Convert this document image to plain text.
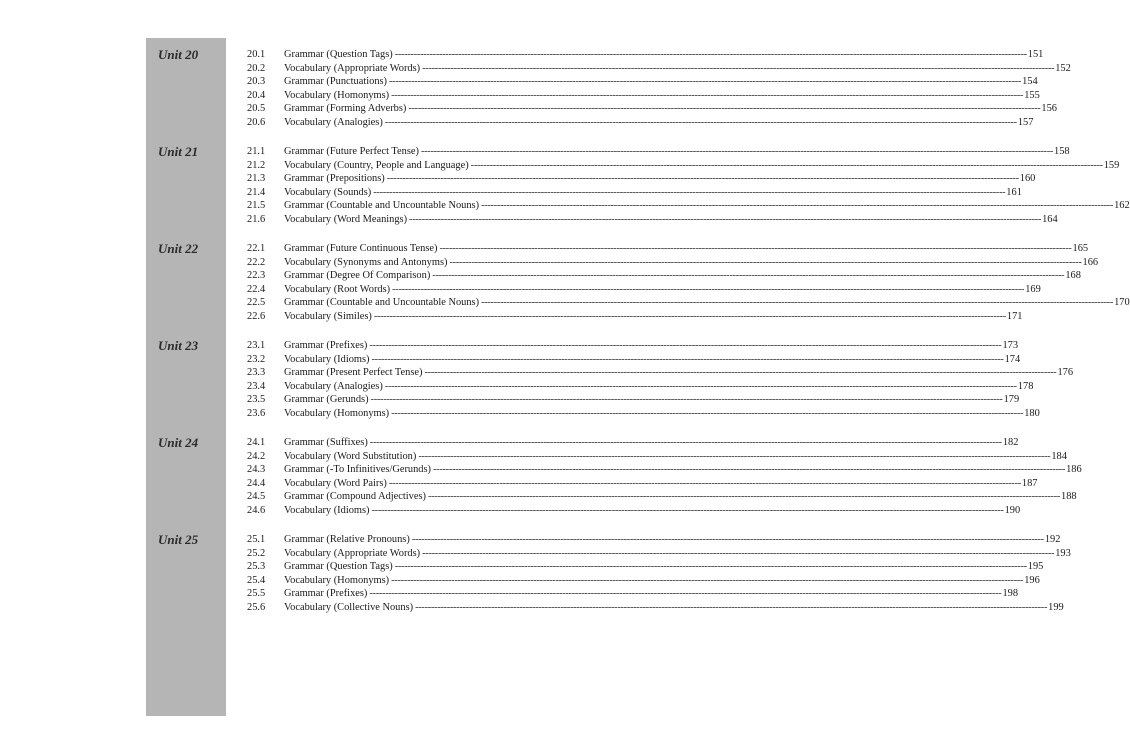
Unit 20	20.1	Grammar (Question Tags) -------------------------------------------------------------------------------------------------------------------------------------------------------------------------------------------------------- 151
20.2	Vocabulary (Appropriate Words) -------------------------------------------------------------------------------------------------------------------------------------------------------------------------------------------------------- 152
20.3	Grammar (Punctuations) -------------------------------------------------------------------------------------------------------------------------------------------------------------------------------------------------------- 154
20.4	Vocabulary (Homonyms) -------------------------------------------------------------------------------------------------------------------------------------------------------------------------------------------------------- 155
20.5	Grammar (Forming Adverbs) -------------------------------------------------------------------------------------------------------------------------------------------------------------------------------------------------------- 156
20.6	Vocabulary (Analogies) -------------------------------------------------------------------------------------------------------------------------------------------------------------------------------------------------------- 157
Unit 21	21.1	Grammar (Future Perfect Tense) -------------------------------------------------------------------------------------------------------------------------------------------------------------------------------------------------------- 158
21.2	Vocabulary (Country, People and Language) -------------------------------------------------------------------------------------------------------------------------------------------------------------------------------------------------------- 159
21.3	Grammar (Prepositions) -------------------------------------------------------------------------------------------------------------------------------------------------------------------------------------------------------- 160
21.4	Vocabulary (Sounds) -------------------------------------------------------------------------------------------------------------------------------------------------------------------------------------------------------- 161
21.5	Grammar (Countable and Uncountable Nouns) -------------------------------------------------------------------------------------------------------------------------------------------------------------------------------------------------------- 162
21.6	Vocabulary (Word Meanings) -------------------------------------------------------------------------------------------------------------------------------------------------------------------------------------------------------- 164
Unit 22	22.1	Grammar (Future Continuous Tense) -------------------------------------------------------------------------------------------------------------------------------------------------------------------------------------------------------- 165
22.2	Vocabulary (Synonyms and Antonyms) -------------------------------------------------------------------------------------------------------------------------------------------------------------------------------------------------------- 166
22.3	Grammar (Degree Of Comparison) -------------------------------------------------------------------------------------------------------------------------------------------------------------------------------------------------------- 168
22.4	Vocabulary (Root Words) -------------------------------------------------------------------------------------------------------------------------------------------------------------------------------------------------------- 169
22.5	Grammar (Countable and Uncountable Nouns) -------------------------------------------------------------------------------------------------------------------------------------------------------------------------------------------------------- 170
22.6	Vocabulary (Similes) -------------------------------------------------------------------------------------------------------------------------------------------------------------------------------------------------------- 171
Unit 23	23.1	Grammar (Prefixes) -------------------------------------------------------------------------------------------------------------------------------------------------------------------------------------------------------- 173
23.2	Vocabulary (Idioms) -------------------------------------------------------------------------------------------------------------------------------------------------------------------------------------------------------- 174
23.3	Grammar (Present Perfect Tense) -------------------------------------------------------------------------------------------------------------------------------------------------------------------------------------------------------- 176
23.4	Vocabulary (Analogies) -------------------------------------------------------------------------------------------------------------------------------------------------------------------------------------------------------- 178
23.5	Grammar (Gerunds) -------------------------------------------------------------------------------------------------------------------------------------------------------------------------------------------------------- 179
23.6	Vocabulary (Homonyms) -------------------------------------------------------------------------------------------------------------------------------------------------------------------------------------------------------- 180
Unit 24	24.1	Grammar (Suffixes) -------------------------------------------------------------------------------------------------------------------------------------------------------------------------------------------------------- 182
24.2	Vocabulary (Word Substitution) -------------------------------------------------------------------------------------------------------------------------------------------------------------------------------------------------------- 184
24.3	Grammar (-To Infinitives/Gerunds) -------------------------------------------------------------------------------------------------------------------------------------------------------------------------------------------------------- 186
24.4	Vocabulary (Word Pairs) -------------------------------------------------------------------------------------------------------------------------------------------------------------------------------------------------------- 187
24.5	Grammar (Compound Adjectives) -------------------------------------------------------------------------------------------------------------------------------------------------------------------------------------------------------- 188
24.6	Vocabulary (Idioms) -------------------------------------------------------------------------------------------------------------------------------------------------------------------------------------------------------- 190
Unit 25	25.1	Grammar (Relative Pronouns) -------------------------------------------------------------------------------------------------------------------------------------------------------------------------------------------------------- 192
25.2	Vocabulary (Appropriate Words) -------------------------------------------------------------------------------------------------------------------------------------------------------------------------------------------------------- 193
25.3	Grammar (Question Tags) -------------------------------------------------------------------------------------------------------------------------------------------------------------------------------------------------------- 195
25.4	Vocabulary (Homonyms) -------------------------------------------------------------------------------------------------------------------------------------------------------------------------------------------------------- 196
25.5	Grammar (Prefixes) -------------------------------------------------------------------------------------------------------------------------------------------------------------------------------------------------------- 198
25.6	Vocabulary (Collective Nouns) -------------------------------------------------------------------------------------------------------------------------------------------------------------------------------------------------------- 199
